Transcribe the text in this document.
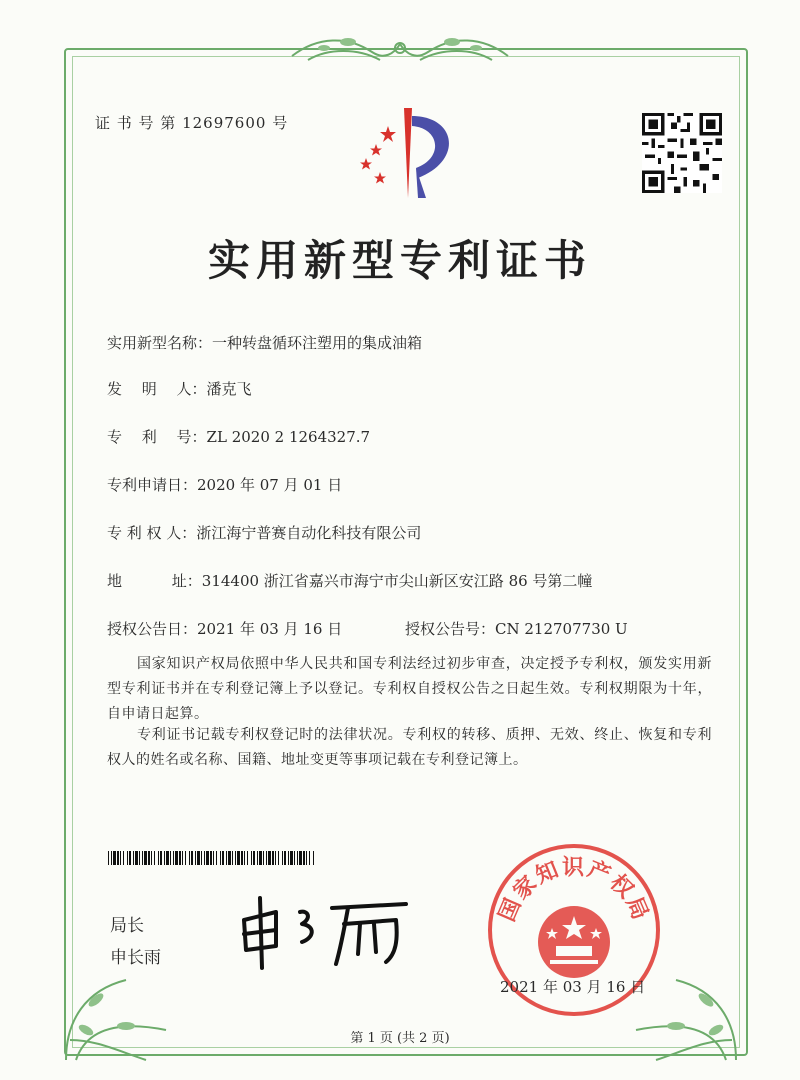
证 书 号 第 12697600 号
实用新型专利证书
实用新型名称：一种转盘循环注塑用的集成油箱
发　 明　 人：潘克飞
专　 利　 号：ZL 2020 2 1264327.7
专利申请日：2020 年 07 月 01 日
专 利 权 人：浙江海宁普赛自动化科技有限公司
地　　　 址：314400 浙江省嘉兴市海宁市尖山新区安江路 86 号第二幢
授权公告日：2021 年 03 月 16 日	授权公告号：CN 212707730 U
国家知识产权局依照中华人民共和国专利法经过初步审查，决定授予专利权，颁发实用新型专利证书并在专利登记簿上予以登记。专利权自授权公告之日起生效。专利权期限为十年，自申请日起算。
专利证书记载专利权登记时的法律状况。专利权的转移、质押、无效、终止、恢复和专利权人的姓名或名称、国籍、地址变更等事项记载在专利登记簿上。
局长
申长雨
国家知识产权局
2021 年 03 月 16 日
第 1 页 (共 2 页)
